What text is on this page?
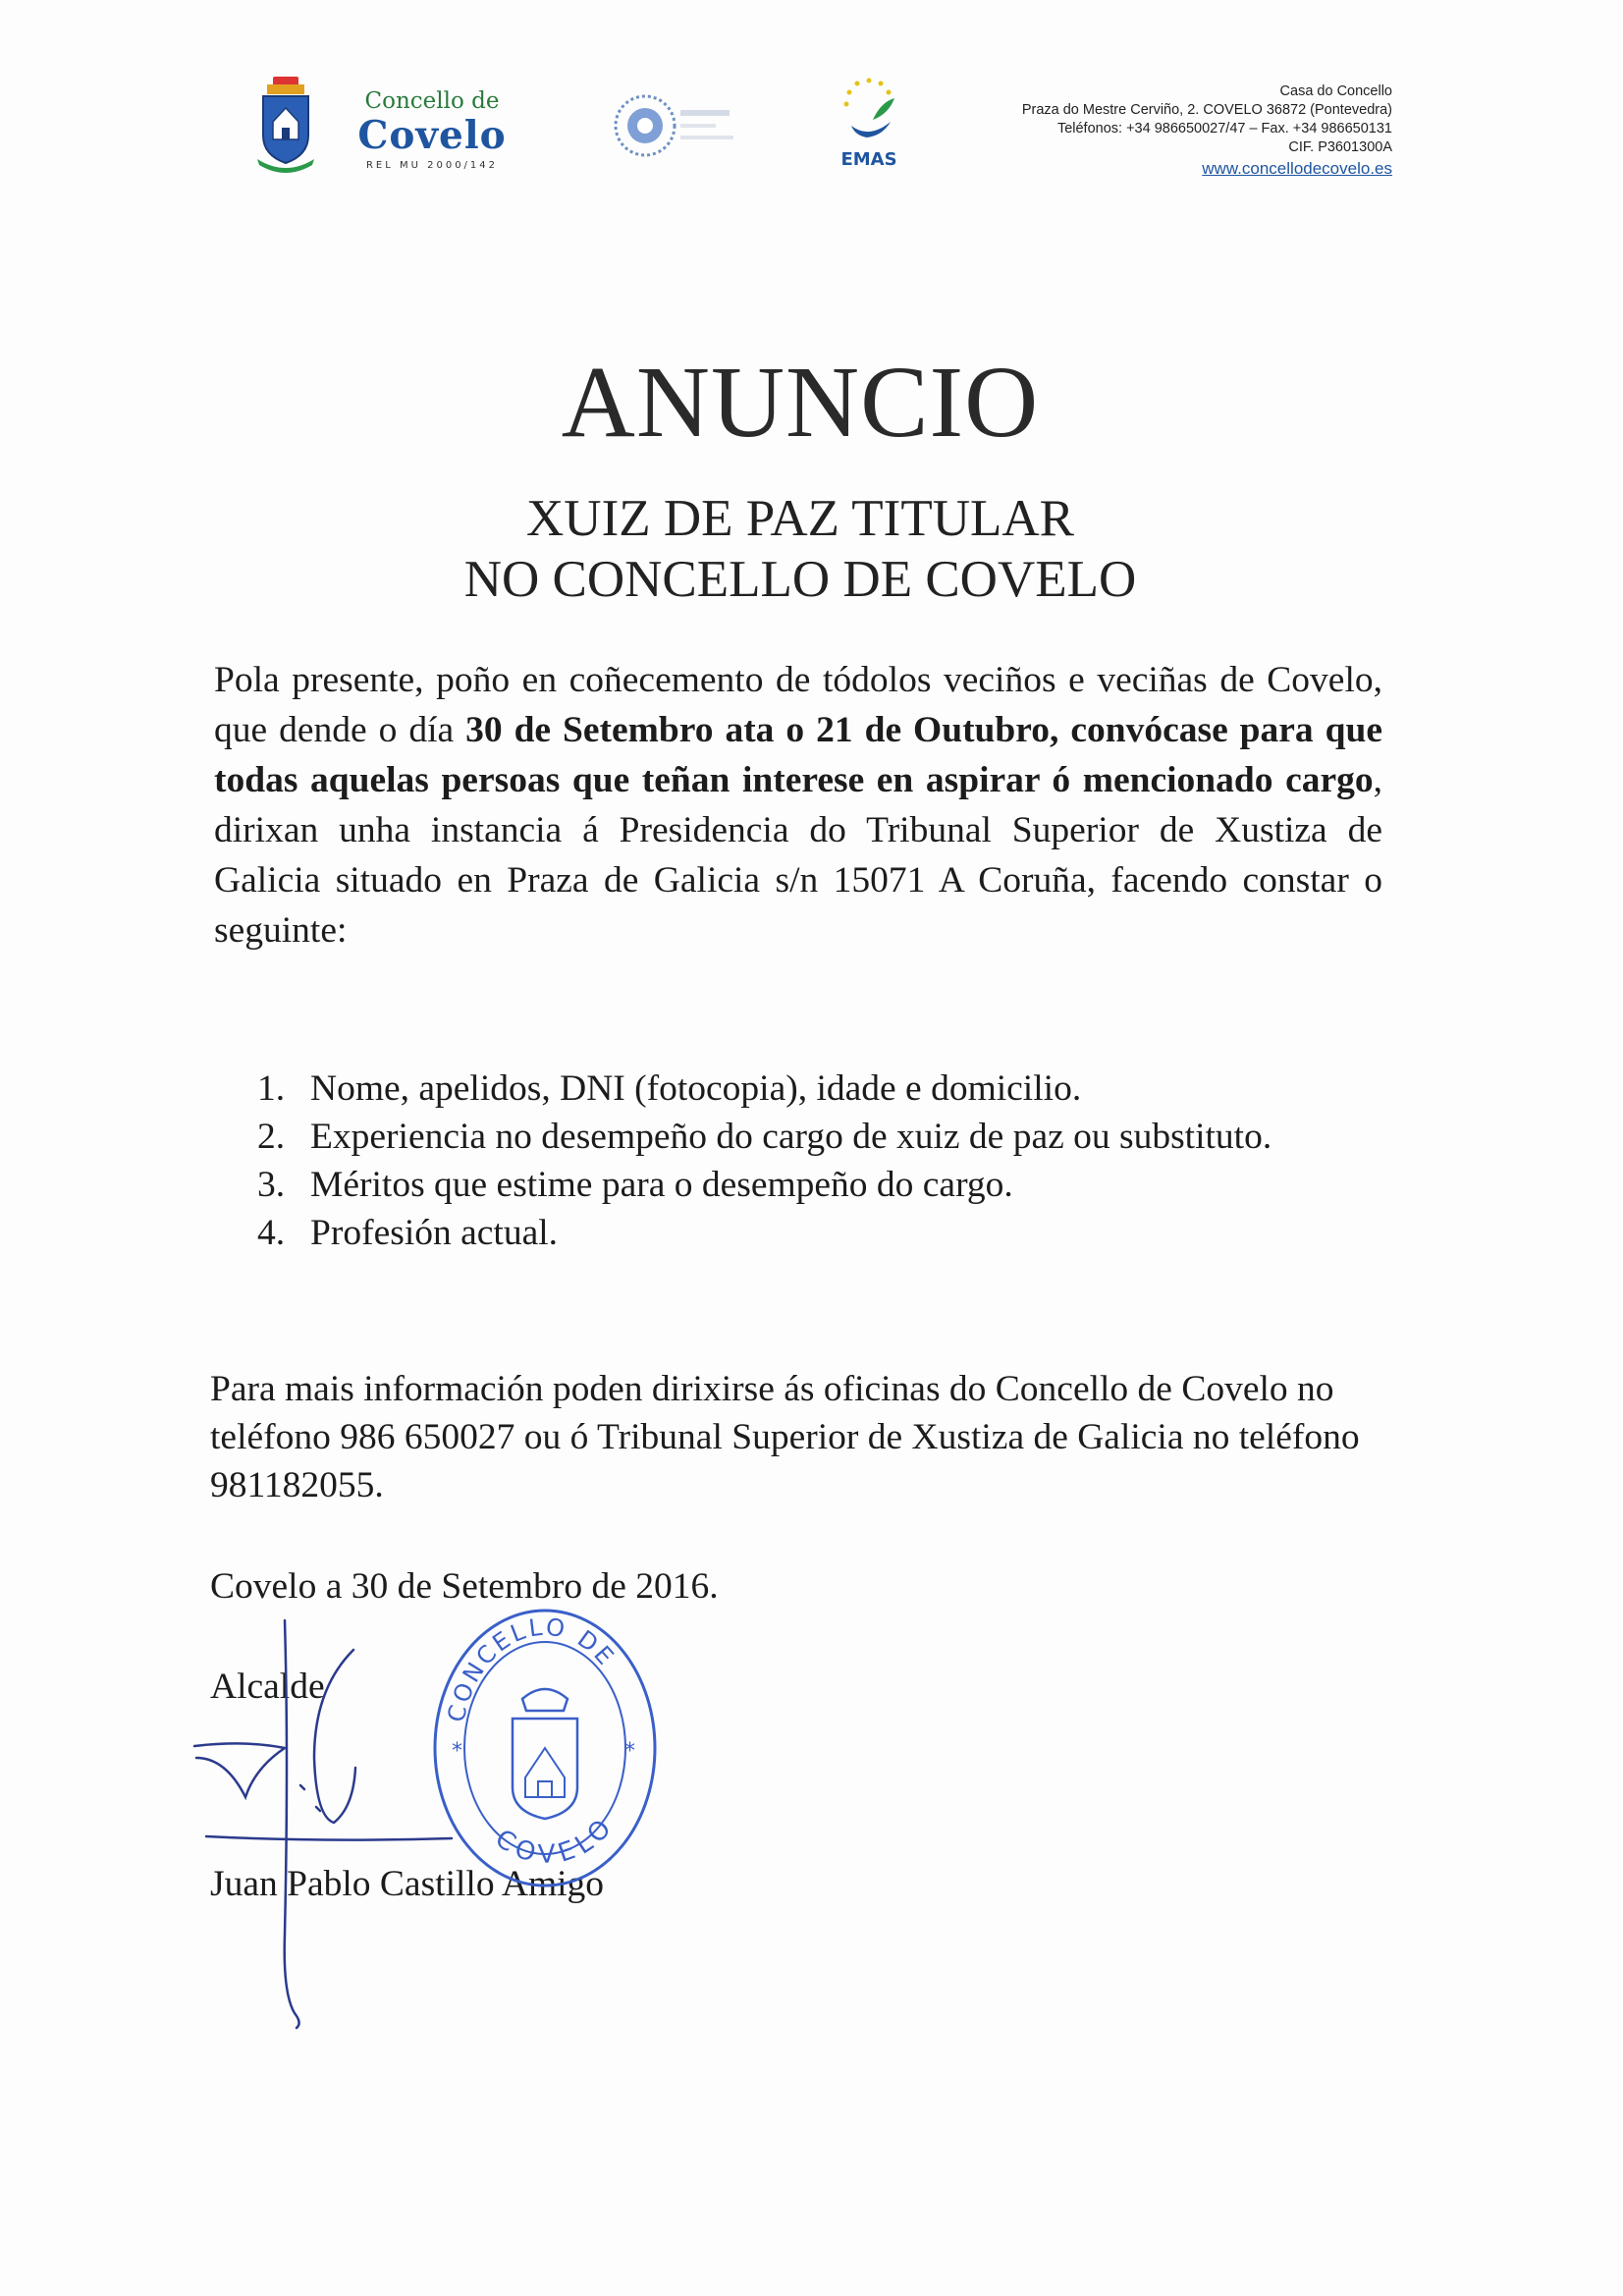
Concello de
Covelo
REL MU 2000/142	EMAS
Casa do Concello
Praza do Mestre Cerviño, 2. COVELO 36872 (Pontevedra)
Teléfonos: +34 986650027/47 – Fax. +34 986650131
CIF. P3601300A
www.concellodecovelo.es
ANUNCIO
XUIZ DE PAZ TITULAR
NO CONCELLO DE COVELO
Pola presente, poño en coñecemento de tódolos veciños e veciñas de Covelo, que dende o día 30 de Setembro ata o 21 de Outubro, convócase para que todas aquelas persoas que teñan interese en aspirar ó mencionado cargo, dirixan unha instancia á Presidencia do Tribunal Superior de Xustiza de Galicia situado en Praza de Galicia s/n 15071 A Coruña, facendo constar o seguinte:
1. Nome, apelidos, DNI (fotocopia), idade e domicilio.
2. Experiencia no desempeño do cargo de xuiz de paz ou substituto.
3. Méritos que estime para o desempeño do cargo.
4. Profesión actual.
Para mais información poden dirixirse ás oficinas do Concello de Covelo no teléfono 986 650027 ou ó Tribunal Superior de Xustiza de Galicia no teléfono 981182055.
Covelo a 30 de Setembro de 2016.
Alcalde
Juan Pablo Castillo Amigo
CONCELLO DE
COVELO
*	*
